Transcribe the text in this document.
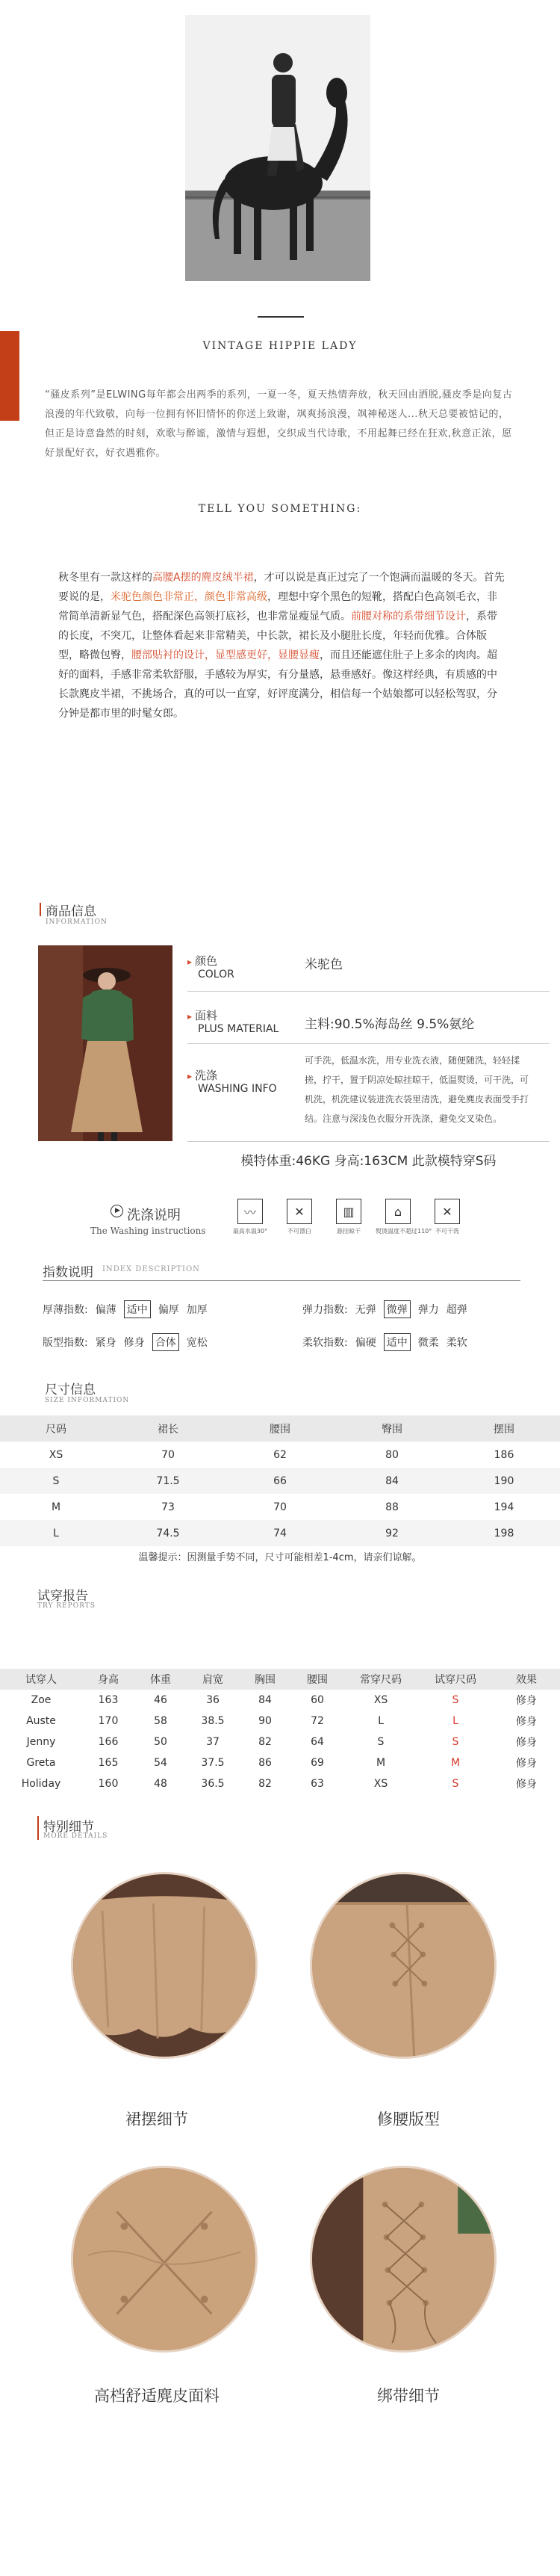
VINTAGE HIPPIE LADY
“骚皮系列”是ELWING每年都会出两季的系列，一夏一冬，夏天热情奔放，秋天回由洒脱,骚皮季是向复古浪漫的年代致敬，向每一位拥有怀旧情怀的你送上致谢，飒爽扬浪漫，飒神秘迷人...秋天总要被惦记的，但正是诗意盎然的时刻，欢歌与醉谧，激情与遐想，交织成当代诗歌，不用起舞已经在狂欢,秋意正浓，愿好景配好衣，好衣遇雅你。
TELL YOU SOMETHING:
秋冬里有一款这样的高腰A摆的麂皮绒半裙，才可以说是真正过完了一个饱满而温暖的冬天。首先要说的是，米驼色颜色非常正，颜色非常高级，理想中穿个黑色的短靴，搭配白色高领毛衣，非常简单清新显气色，搭配深色高领打底衫，也非常显瘦显气质。前腰对称的系带细节设计，系带的长度，不突兀，让整体看起来非常精美，中长款，裙长及小腿肚长度，年轻而优雅。合体版型，略微包臀，腰部贴衬的设计，显型感更好，显腰显瘦，而且还能遮住肚子上多余的肉肉。超好的面料，手感非常柔软舒服，手感较为厚实，有分量感，悬垂感好。像这样经典，有质感的中长款麂皮半裙，不挑场合，真的可以一直穿，好评度满分，相信每一个姑娘都可以轻松驾驭，分分钟是都市里的时髦女郎。
商品信息
INFORMATION
▸ 颜色
COLOR
米驼色
▸ 面料
PLUS MATERIAL 主料:90.5%海岛丝 9.5%氨纶
▸ 洗涤
WASHING INFO
可手洗，低温水洗，用专业洗衣液，随便随洗，轻轻揉搓，拧干，置于阴凉处晾挂晾干，低温熨烫，可干洗，可机洗，机洗建议装进洗衣袋里清洗，避免麂皮表面受手打结。注意与深浅色衣服分开洗涤，避免交叉染色。
模特体重:46KG 身高:163CM 此款模特穿S码
▶ 洗涤说明
The Washing instructions
〰
最高水温30°
✕
不可漂白
▥
悬挂晾干
⌂
熨烫温度不超过110°
✕
不可干洗
指数说明 INDEX DESCRIPTION
厚薄指数: 偏薄 适中 偏厚 加厚	弹力指数: 无弹 微弹 弹力 超弹
版型指数: 紧身 修身 合体 宽松	柔软指数: 偏硬 适中 微柔 柔软
尺寸信息
SIZE INFORMATION
尺码	裙长	腰围	臀围	摆围
XS	70	62	80	186
S	71.5	66	84	190
M	73	70	88	194
L	74.5	74	92	198
温馨提示：因测量手势不同，尺寸可能相差1-4cm，请亲们谅解。
试穿报告
TRY REPORTS
试穿人	身高	体重	肩宽	胸围	腰围	常穿尺码	试穿尺码	效果
Zoe	163	46	36	84	60	XS	S	修身
Auste	170	58	38.5	90	72	L	L	修身
Jenny	166	50	37	82	64	S	S	修身
Greta	165	54	37.5	86	69	M	M	修身
Holiday	160	48	36.5	82	63	XS	S	修身
特别细节
MORE DETAILS
裙摆细节	修腰版型
高档舒适麂皮面料	绑带细节
